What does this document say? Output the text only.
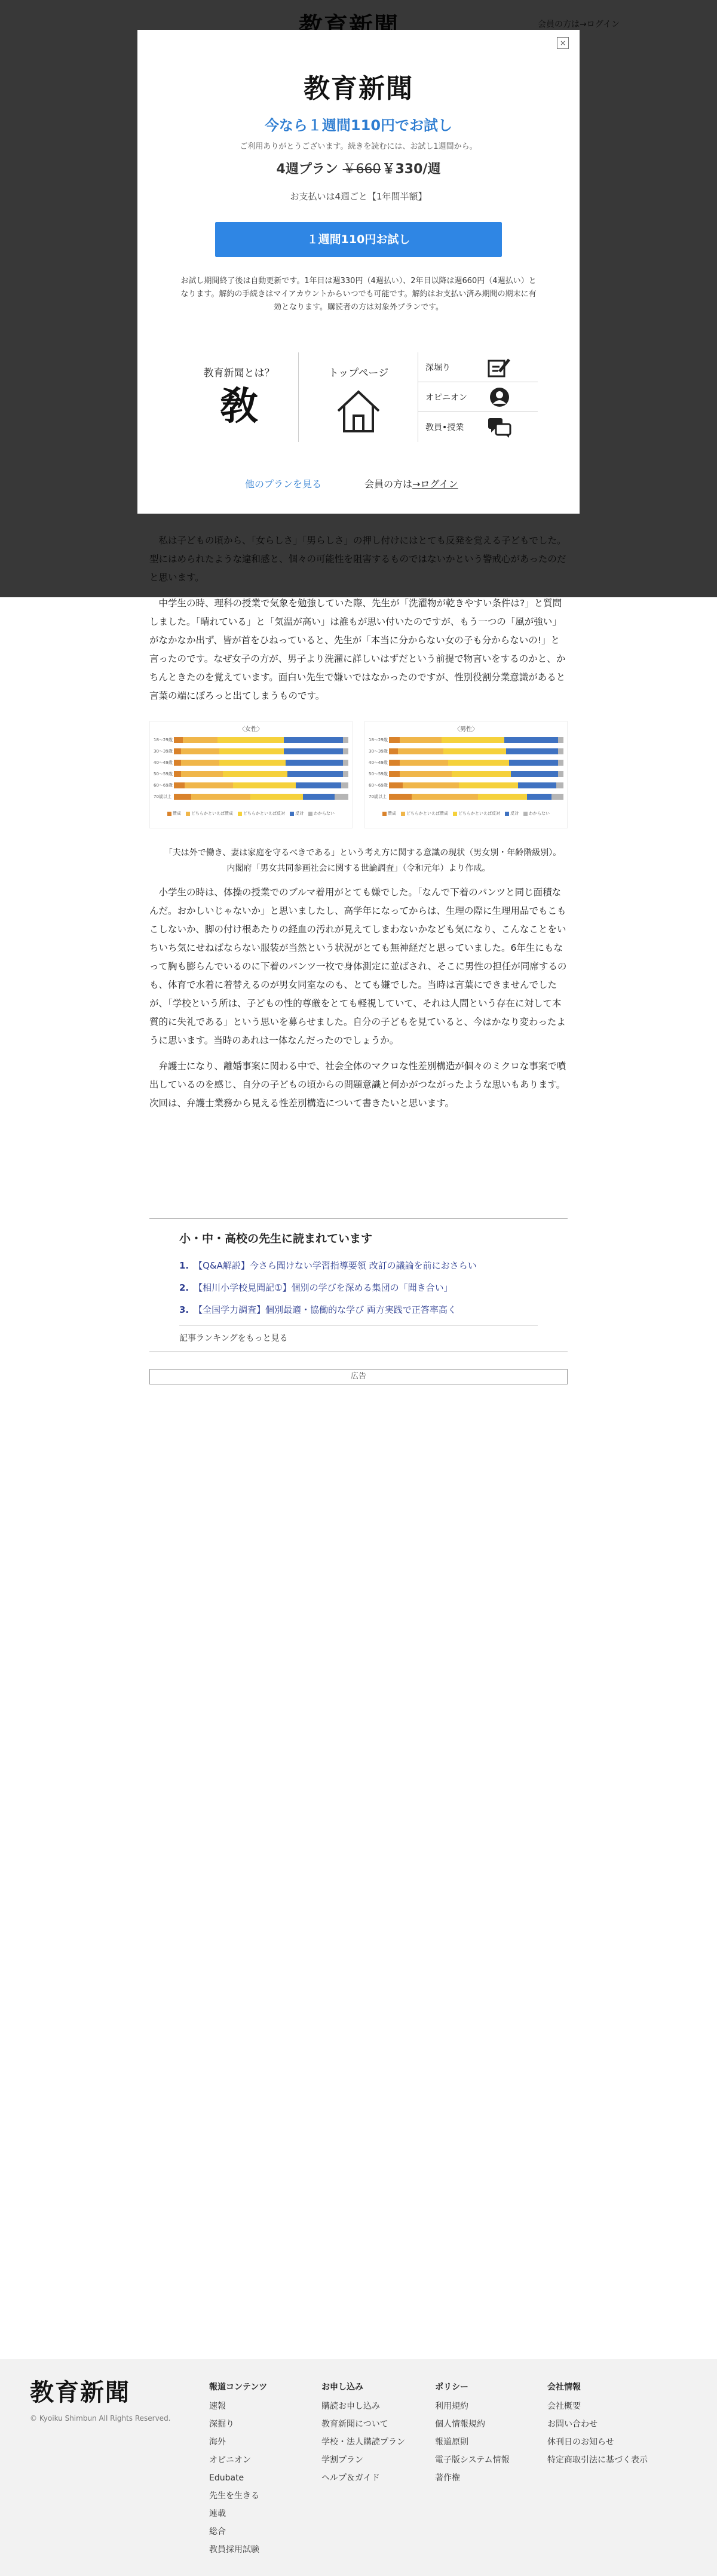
中学生の時、理科の授業で気象を勉強していた際、先生が「洗濯物が乾きやすい条件は?」と質問しました。「晴れている」と「気温が高い」は誰もが思い付いたのですが、もう一つの「風が強い」がなかなか出ず、皆が首をひねっていると、先生が「本当に分からない女の子も分からないの!」と言ったのです。なぜ女子の方が、男子より洗濯に詳しいはずだという前提で物言いをするのかと、かちんときたのを覚えています。面白い先生で嫌いではなかったのですが、性別役割分業意識があると言葉の端にぽろっと出てしまうものです。

〈女性〉
18〜29歳
30〜39歳
40〜49歳
50〜59歳
60〜69歳
70歳以上
賛成	どちらかといえば賛成	どちらかといえば反対	反対	わからない
〈男性〉
18〜29歳
30〜39歳
40〜49歳
50〜59歳
60〜69歳
70歳以上
賛成	どちらかといえば賛成	どちらかといえば反対	反対	わからない

「夫は外で働き、妻は家庭を守るべきである」という考え方に関する意識の現状（男女別・年齢階級別）。内閣府「男女共同参画社会に関する世論調査」（令和元年）より作成。

小学生の時は、体操の授業でのブルマ着用がとても嫌でした。「なんで下着のパンツと同じ面積なんだ。おかしいじゃないか」と思いましたし、高学年になってからは、生理の際に生理用品でもこもこしないか、脚の付け根あたりの経血の汚れが見えてしまわないかなども気になり、こんなことをいちいち気にせねばならない服装が当然という状況がとても無神経だと思っていました。6年生にもなって胸も膨らんでいるのに下着のパンツ一枚で身体測定に並ばされ、そこに男性の担任が同席するのも、体育で水着に着替えるのが男女同室なのも、とても嫌でした。当時は言葉にできませんでしたが、「学校という所は、子どもの性的尊厳をとても軽視していて、それは人間という存在に対して本質的に失礼である」という思いを募らせました。自分の子どもを見ていると、今はかなり変わったように思います。当時のあれは一体なんだったのでしょうか。

弁護士になり、離婚事案に関わる中で、社会全体のマクロな性差別構造が個々のミクロな事案で噴出しているのを感じ、自分の子どもの頃からの問題意識と何かがつながったような思いもあります。次回は、弁護士業務から見える性差別構造について書きたいと思います。

小・中・高校の先生に読まれています
1. 【Q&A解説】今さら聞けない学習指導要領 改訂の議論を前におさらい
2. 【相川小学校見聞記①】個別の学びを深める集団の「聞き合い」
3. 【全国学力調査】個別最適・協働的な学び 両方実践で正答率高く
記事ランキングをもっと見る
広告
×
教育新聞
今なら１週間110円でお試し
ご利用ありがとうございます。続きを読むには、お試し1週間から。
4週プラン ￥660￥330/週
お支払いは4週ごと【1年間半額】
１週間110円お試し
お試し期間終了後は自動更新です。1年目は週330円（4週払い）、2年目以降は週660円（4週払い）となります。解約の手続きはマイアカウントからいつでも可能です。解約はお支払い済み期間の期末に有効となります。購読者の方は対象外プランです。
教育新聞とは？
敎
トップページ	深堀り
オピニオン
教員•授業
他のプランを見る	会員の方は→ログイン
教育新聞
© Kyoiku Shimbun All Rights Reserved.
報道コンテンツ
速報
深掘り
海外
オピニオン
Edubate
先生を生きる
連載
総合
教員採用試験
お申し込み
購読お申し込み
教育新聞について
学校・法人購読プラン
学割プラン
ヘルプ＆ガイド
ポリシー
利用規約
個人情報規約
報道原則
電子版システム情報
著作権
会社情報
会社概要
お問い合わせ
休刊日のお知らせ
特定商取引法に基づく表示
